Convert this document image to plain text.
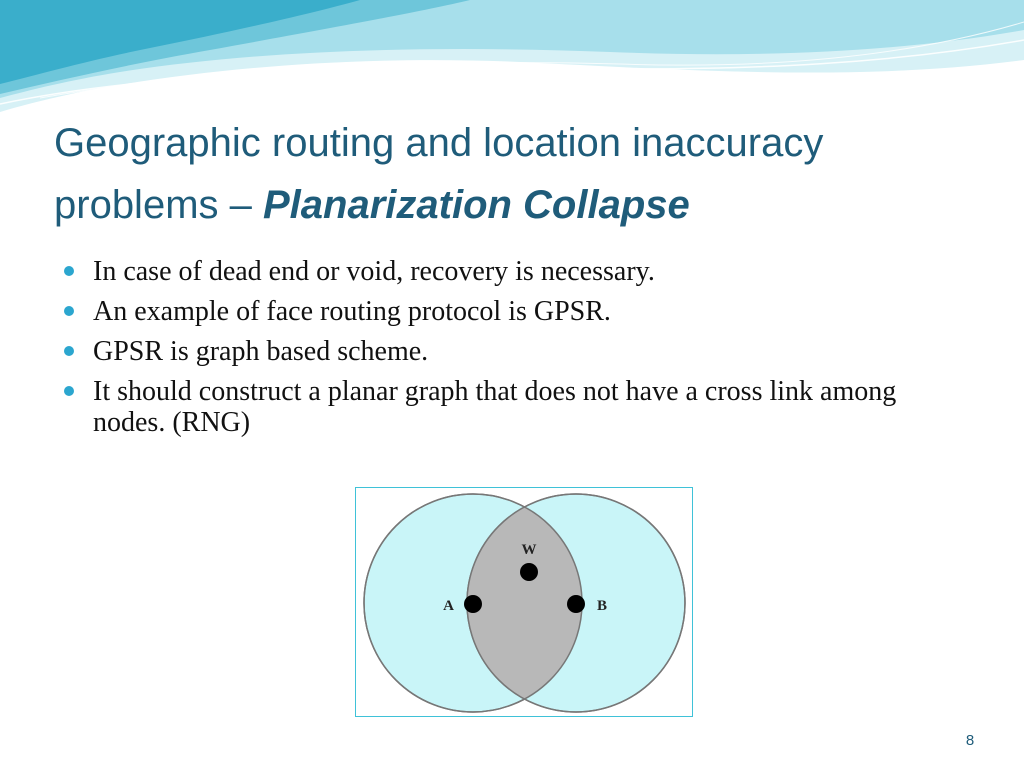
Geographic routing and location inaccuracy problems – Planarization Collapse
In case of dead end or void, recovery is necessary.
An example of face routing protocol is GPSR.
GPSR is graph based scheme.
It should construct a planar graph that does not have a cross link among nodes. (RNG)
A	B
W
8
